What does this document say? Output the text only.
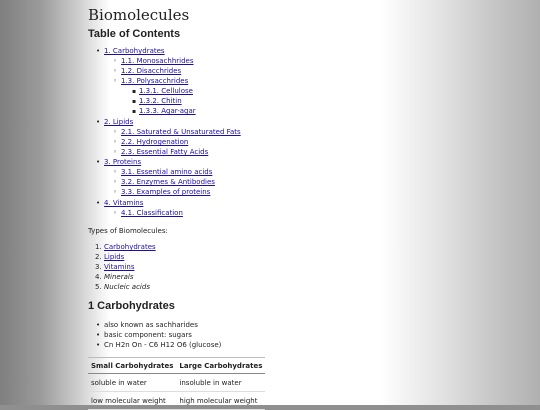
Biomolecules
Table of Contents
• 1. Carbohydrates
◦ 1.1. Monosachhrides
◦ 1.2. Disacchrides
◦ 1.3. Polysacchrides
▪ 1.3.1. Cellulose
▪ 1.3.2. Chitin
▪ 1.3.3. Agar-agar
• 2. Lipids
◦ 2.1. Saturated & Unsaturated Fats
◦ 2.2. Hydrogenation
◦ 2.3. Essential Fatty Acids
• 3. Proteins
◦ 3.1. Essential amino acids
◦ 3.2. Enzymes & Antibodies
◦ 3.3. Examples of proteins
• 4. Vitamins
◦ 4.1. Classification
Types of Biomolecules:
1. Carbohydrates
2. Lipids
3. Vitamins
4. Minerals
5. Nucleic acids
1 Carbohydrates
• also known as sachharides
• basic component: sugars
• Cn H2n On - C6 H12 O6 (glucose)
Small Carbohydrates	Large Carbohydrates
soluble in water	insoluble in water
low molecular weight	high molecular weight
